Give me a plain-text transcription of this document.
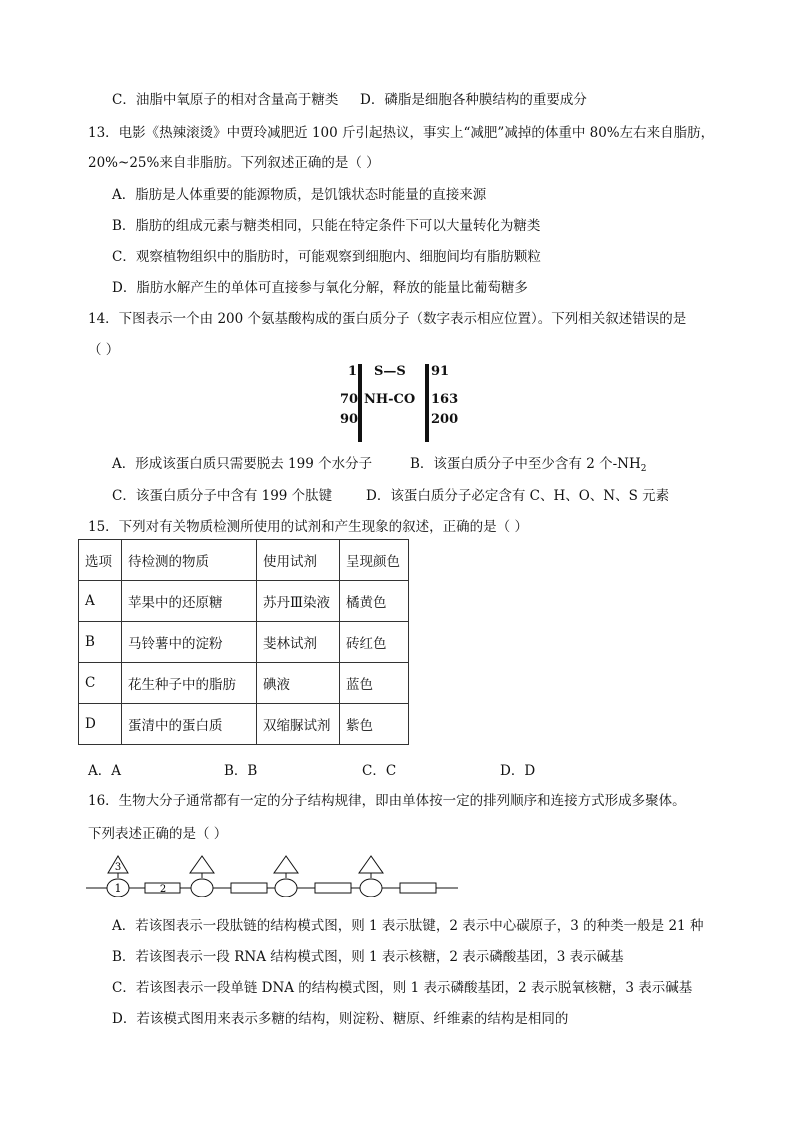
C．油脂中氧原子的相对含量高于糖类 D．磷脂是细胞各种膜结构的重要成分
13．电影《热辣滚烫》中贾玲减肥近 100 斤引起热议，事实上“减肥”减掉的体重中 80%左右来自脂肪，
20%~25%来自非脂肪。下列叙述正确的是（ ）
A．脂肪是人体重要的能源物质，是饥饿状态时能量的直接来源
B．脂肪的组成元素与糖类相同，只能在特定条件下可以大量转化为糖类
C．观察植物组织中的脂肪时，可能观察到细胞内、细胞间均有脂肪颗粒
D．脂肪水解产生的单体可直接参与氧化分解，释放的能量比葡萄糖多
14．下图表示一个由 200 个氨基酸构成的蛋白质分子（数字表示相应位置）。下列相关叙述错误的是
（ ）
1 S—S 91
70 NH-CO 163
90	200
A．形成该蛋白质只需要脱去 199 个水分子	B．该蛋白质分子中至少含有 2 个$-NH_2$
C．该蛋白质分子中含有 199 个肽键	D．该蛋白质分子必定含有 C、H、O、N、S 元素
15．下列对有关物质检测所使用的试剂和产生现象的叙述，正确的是（ ）
选项	待检测的物质	使用试剂	呈现颜色
A	苹果中的还原糖	苏丹Ⅲ染液	橘黄色
B	马铃薯中的淀粉	斐林试剂	砖红色
C	花生种子中的脂肪	碘液	蓝色
D	蛋清中的蛋白质	双缩脲试剂	紫色
A．A	B．B	C．C	D．D
16．生物大分子通常都有一定的分子结构规律，即由单体按一定的排列顺序和连接方式形成多聚体。
下列表述正确的是（ ）
3
1	2
A．若该图表示一段肽链的结构模式图，则 1 表示肽键，2 表示中心碳原子，3 的种类一般是 21 种
B．若该图表示一段 RNA 结构模式图，则 1 表示核糖，2 表示磷酸基团，3 表示碱基
C．若该图表示一段单链 DNA 的结构模式图，则 1 表示磷酸基团，2 表示脱氧核糖，3 表示碱基
D．若该模式图用来表示多糖的结构，则淀粉、糖原、纤维素的结构是相同的
